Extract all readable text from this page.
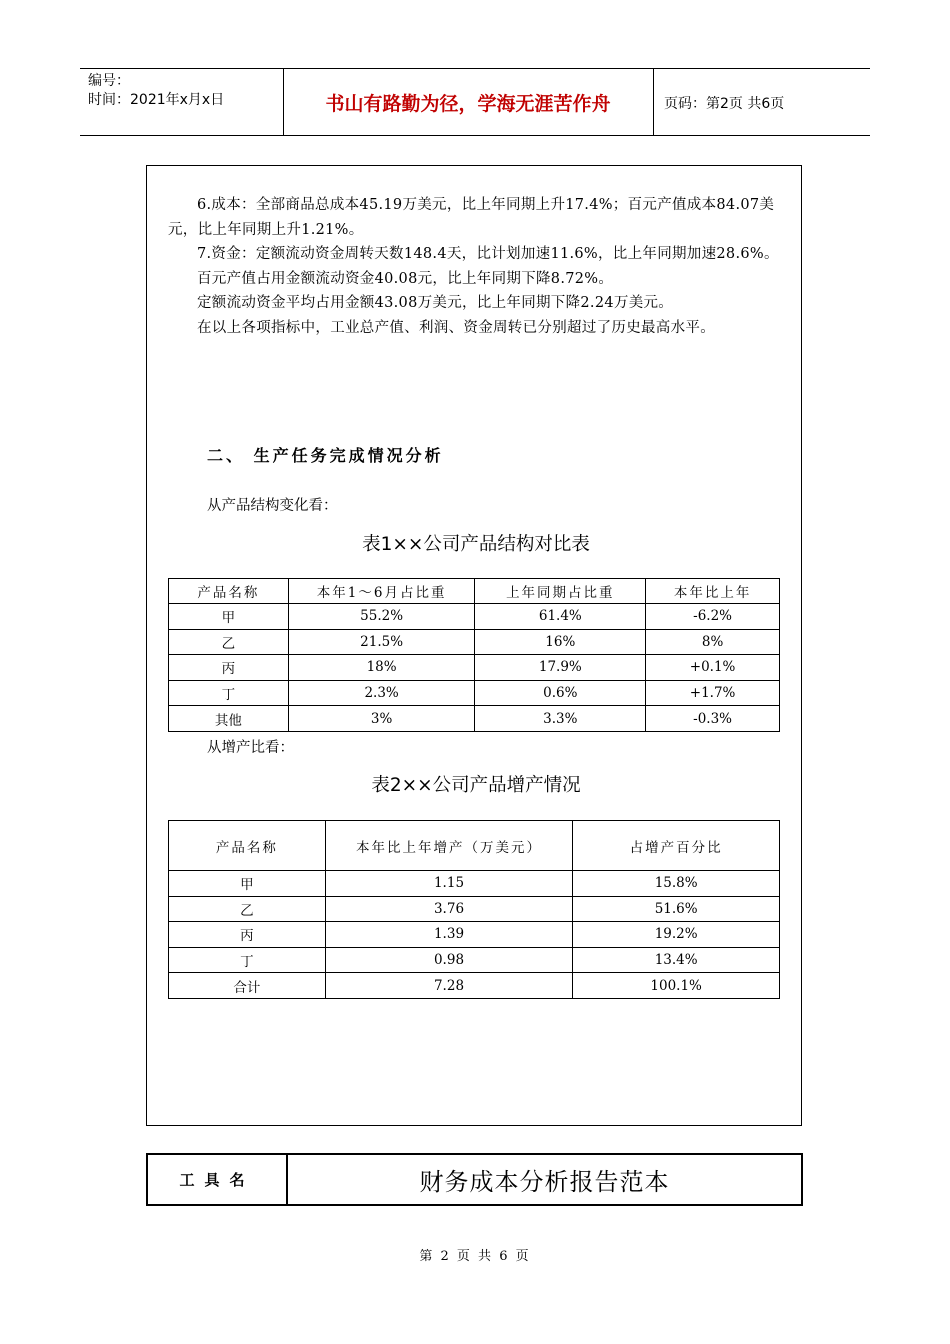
编号：
时间：2021年x月x日	书山有路勤为径，学海无涯苦作舟	页码：第2页 共6页

6.成本：全部商品总成本45.19万美元，比上年同期上升17.4%；百元产值成本84.07美元，比上年同期上升1.21%。

7.资金：定额流动资金周转天数148.4天，比计划加速11.6%，比上年同期加速28.6%。

百元产值占用金额流动资金40.08元，比上年同期下降8.72%。

定额流动资金平均占用金额43.08万美元，比上年同期下降2.24万美元。

在以上各项指标中，工业总产值、利润、资金周转已分别超过了历史最高水平。

二、 生产任务完成情况分析
从产品结构变化看：
表1××公司产品结构对比表
产品名称	本年1～6月占比重	上年同期占比重	本年比上年
甲	55.2%	61.4%	-6.2%
乙	21.5%	16%	8%
丙	18%	17.9%	+0.1%
丁	2.3%	0.6%	+1.7%
其他	3%	3.3%	-0.3%
从增产比看：
表2××公司产品增产情况
产品名称	本年比上年增产（万美元）	占增产百分比
甲	1.15	15.8%
乙	3.76	51.6%
丙	1.39	19.2%
丁	0.98	13.4%
合计	7.28	100.1%
工具名	财务成本分析报告范本
第 2 页 共 6 页
